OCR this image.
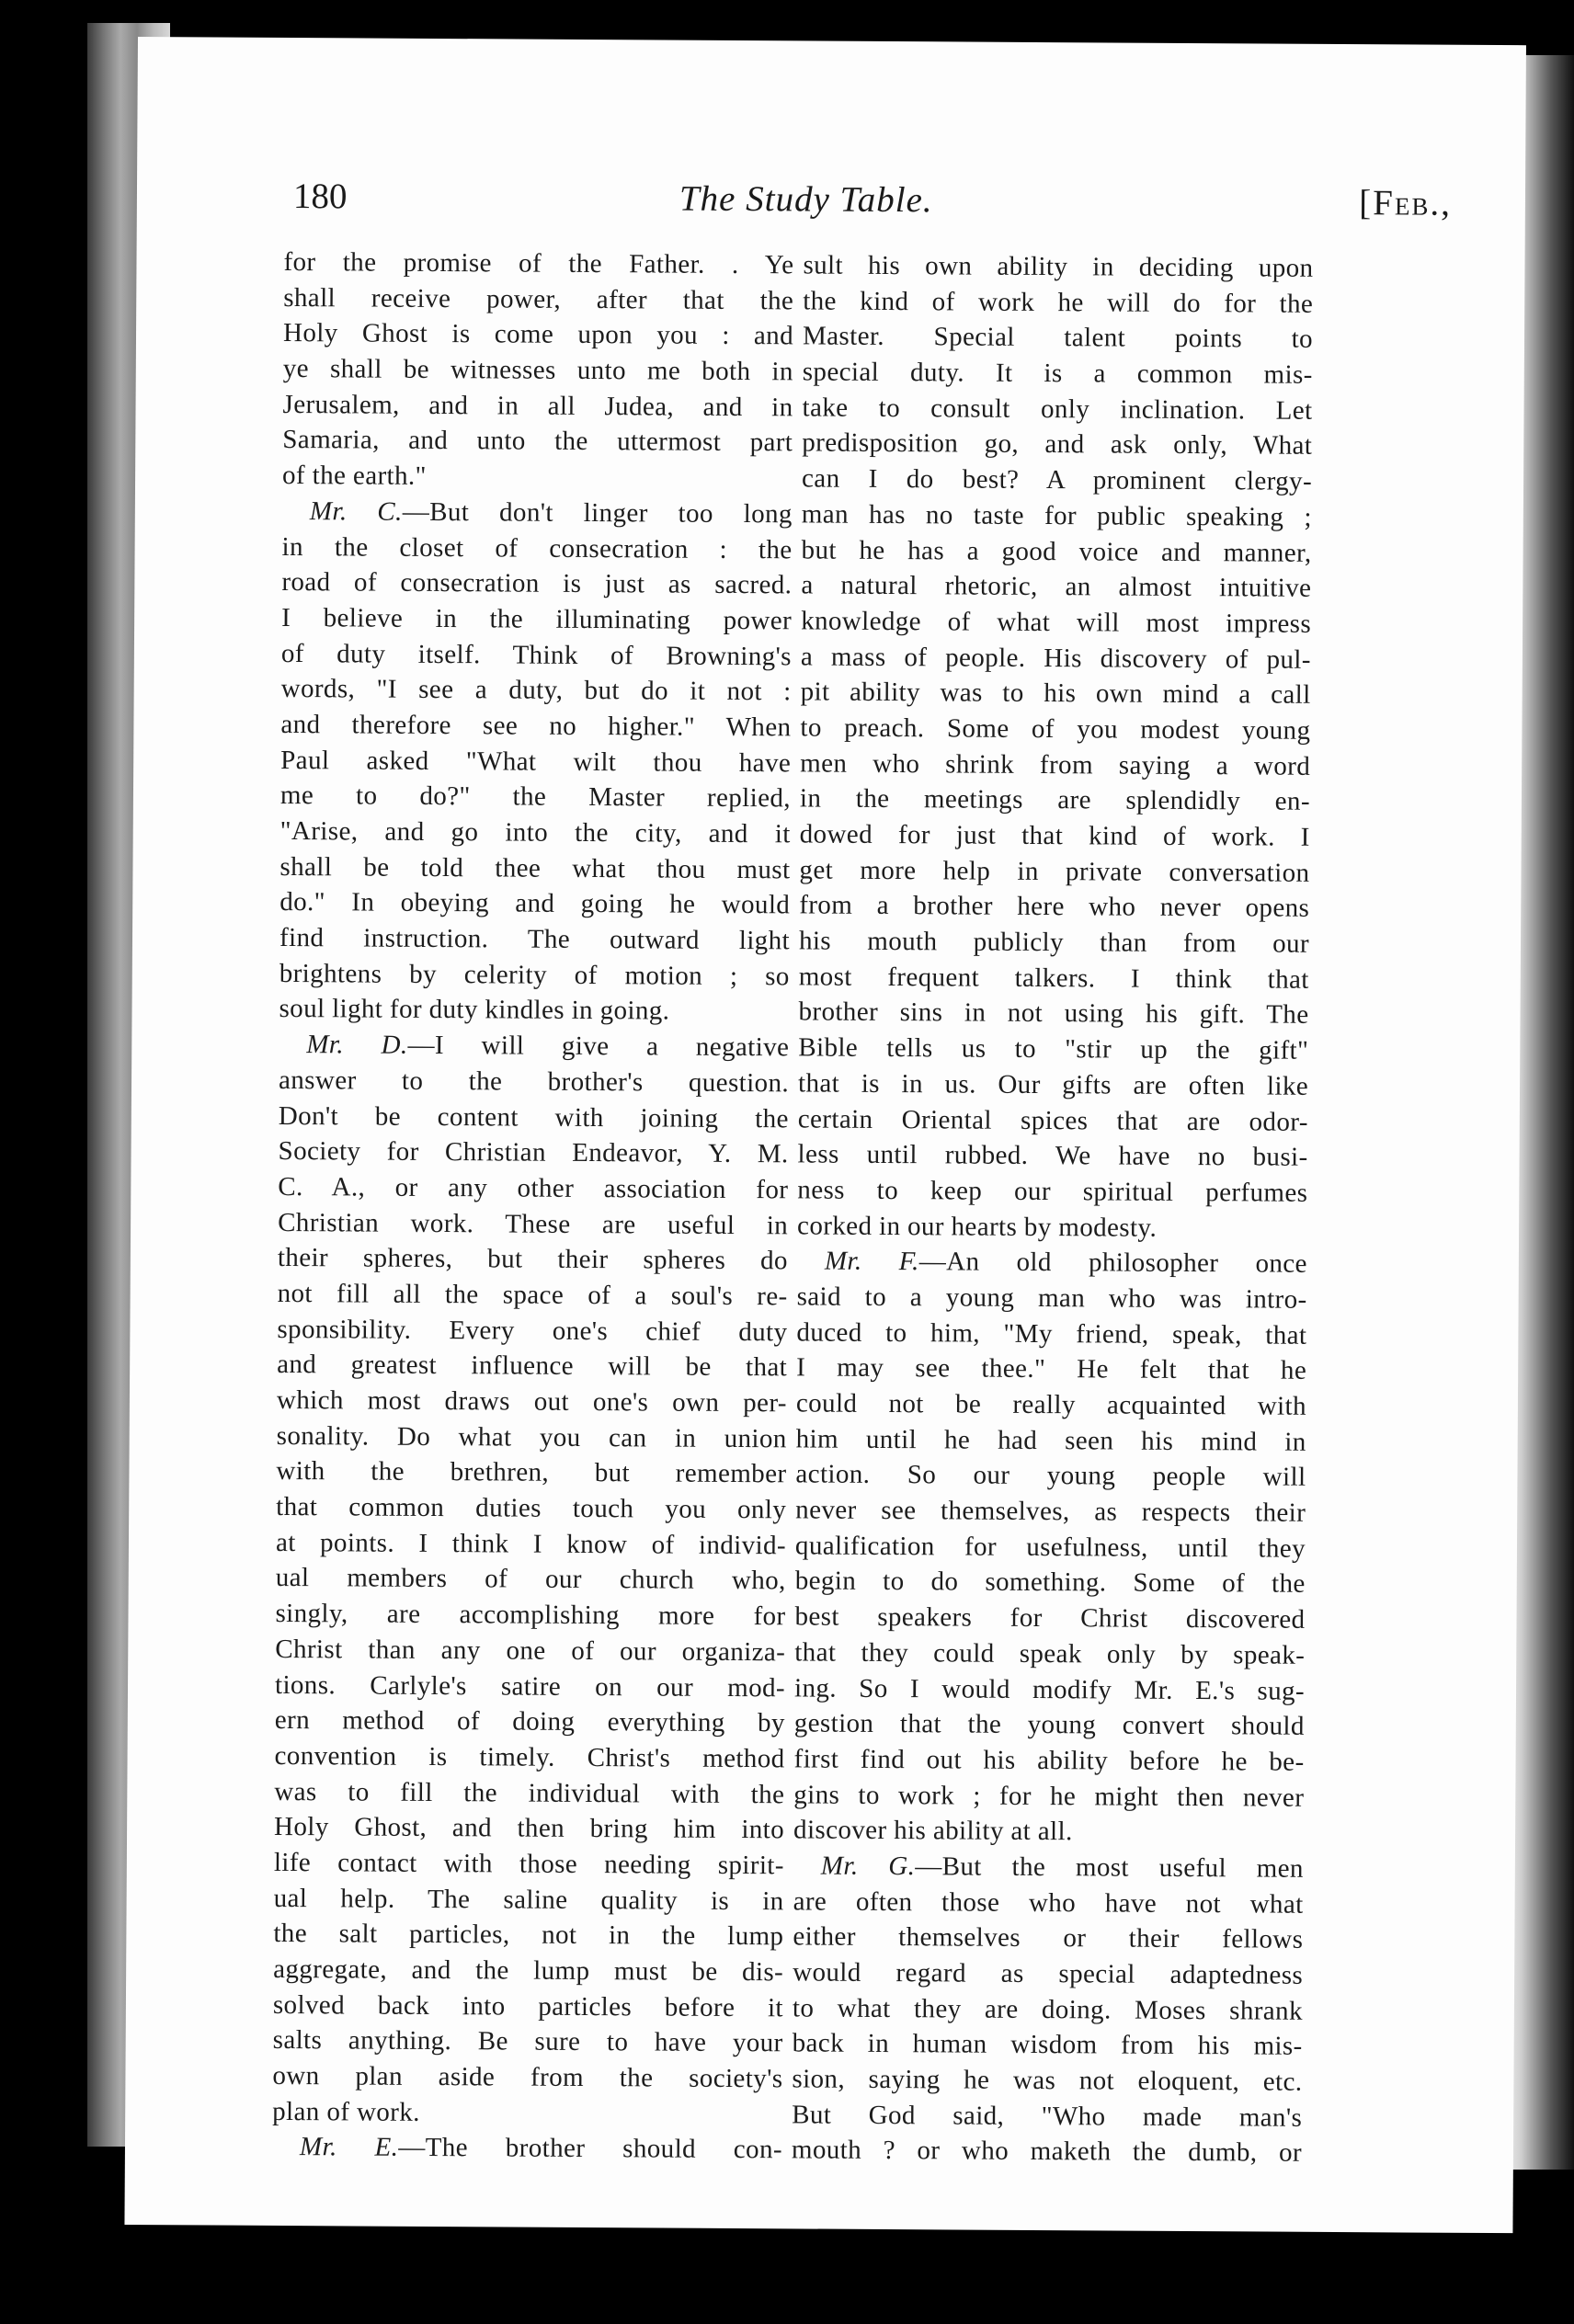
180	The Study Table.	[Feb.,
for the promise of the Father. . Ye
shall receive power, after that the
Holy Ghost is come upon you : and
ye shall be witnesses unto me both in
Jerusalem, and in all Judea, and in
Samaria, and unto the uttermost part
of the earth."
Mr. C.—But don't linger too long
in the closet of consecration : the
road of consecration is just as sacred.
I believe in the illuminating power
of duty itself. Think of Browning's
words, "I see a duty, but do it not :
and therefore see no higher." When
Paul asked "What wilt thou have
me to do?" the Master replied,
"Arise, and go into the city, and it
shall be told thee what thou must
do." In obeying and going he would
find instruction. The outward light
brightens by celerity of motion ; so
soul light for duty kindles in going.
Mr. D.—I will give a negative
answer to the brother's question.
Don't be content with joining the
Society for Christian Endeavor, Y. M.
C. A., or any other association for
Christian work. These are useful in
their spheres, but their spheres do
not fill all the space of a soul's re-
sponsibility. Every one's chief duty
and greatest influence will be that
which most draws out one's own per-
sonality. Do what you can in union
with the brethren, but remember
that common duties touch you only
at points. I think I know of individ-
ual members of our church who,
singly, are accomplishing more for
Christ than any one of our organiza-
tions. Carlyle's satire on our mod-
ern method of doing everything by
convention is timely. Christ's method
was to fill the individual with the
Holy Ghost, and then bring him into
life contact with those needing spirit-
ual help. The saline quality is in
the salt particles, not in the lump
aggregate, and the lump must be dis-
solved back into particles before it
salts anything. Be sure to have your
own plan aside from the society's
plan of work.
Mr. E.—The brother should con-
sult his own ability in deciding upon
the kind of work he will do for the
Master. Special talent points to
special duty. It is a common mis-
take to consult only inclination. Let
predisposition go, and ask only, What
can I do best? A prominent clergy-
man has no taste for public speaking ;
but he has a good voice and manner,
a natural rhetoric, an almost intuitive
knowledge of what will most impress
a mass of people. His discovery of pul-
pit ability was to his own mind a call
to preach. Some of you modest young
men who shrink from saying a word
in the meetings are splendidly en-
dowed for just that kind of work. I
get more help in private conversation
from a brother here who never opens
his mouth publicly than from our
most frequent talkers. I think that
brother sins in not using his gift. The
Bible tells us to "stir up the gift"
that is in us. Our gifts are often like
certain Oriental spices that are odor-
less until rubbed. We have no busi-
ness to keep our spiritual perfumes
corked in our hearts by modesty.
Mr. F.—An old philosopher once
said to a young man who was intro-
duced to him, "My friend, speak, that
I may see thee." He felt that he
could not be really acquainted with
him until he had seen his mind in
action. So our young people will
never see themselves, as respects their
qualification for usefulness, until they
begin to do something. Some of the
best speakers for Christ discovered
that they could speak only by speak-
ing. So I would modify Mr. E.'s sug-
gestion that the young convert should
first find out his ability before he be-
gins to work ; for he might then never
discover his ability at all.
Mr. G.—But the most useful men
are often those who have not what
either themselves or their fellows
would regard as special adaptedness
to what they are doing. Moses shrank
back in human wisdom from his mis-
sion, saying he was not eloquent, etc.
But God said, "Who made man's
mouth ? or who maketh the dumb, or
